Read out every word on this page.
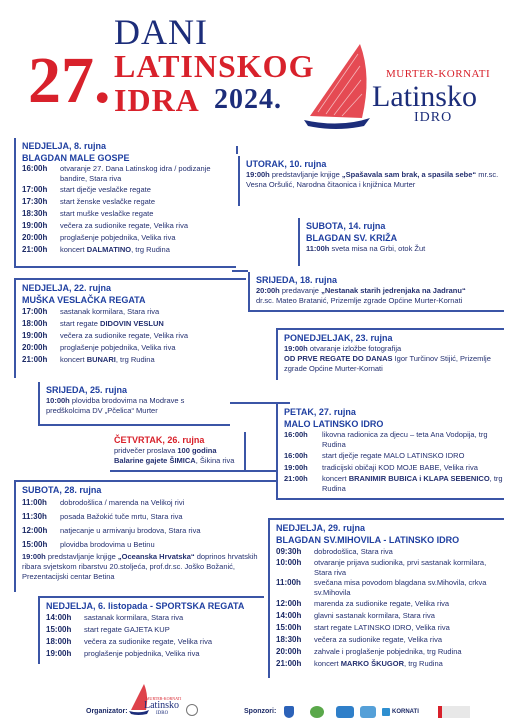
DANI
LATINSKOG
27. IDRA 2024.
MURTER-KORNATI
Latinsko
IDRO
NEDJELJA, 8. rujna
BLAGDAN MALE GOSPE
16:00h	otvaranje 27. Dana Latinskog idra / podizanje bandire, Stara riva
17:00h	start dječje veslačke regate
17:30h	start ženske veslačke regate
18:30h	start muške veslačke regate
19:00h	večera za sudionike regate, Velika riva
20:00h	proglašenje pobjednika, Velika riva
21:00h	koncert DALMATINO, trg Rudina
UTORAK, 10. rujna
19:00h predstavljanje knjige „Spašavala sam brak, a spasila sebe“ mr.sc. Vesna Oršulić, Narodna čitaonica i knjižnica Murter
SUBOTA, 14. rujna
BLAGDAN SV. KRIŽA
11:00h sveta misa na Grbi, otok Žut
SRIJEDA, 18. rujna
20:00h predavanje „Nestanak starih jedrenjaka na Jadranu“
dr.sc. Mateo Bratanić, Prizemlje zgrade Općine Murter-Kornati
NEDJELJA, 22. rujna
MUŠKA VESLAČKA REGATA
17:00h	sastanak kormilara, Stara riva
18:00h	start regate DIDOVIN VESLUN
19:00h	večera za sudionike regate, Velika riva
20:00h	proglašenje pobjednika, Velika riva
21:00h	koncert BUNARI, trg Rudina
PONEDJELJAK, 23. rujna
19:00h otvaranje izložbe fotografija
OD PRVE REGATE DO DANAS Igor Turčinov Stijić, Prizemlje zgrade Općine Murter-Kornati
SRIJEDA, 25. rujna
10:00h plovidba brodovima na Modrave s predškolcima DV „Pčelica“ Murter
ČETVRTAK, 26. rujna
pridvečer proslava 100 godina
Balarine gajete ŠIMICA, Šikina riva
PETAK, 27. rujna
MALO LATINSKO IDRO
16:00h	likovna radionica za djecu – teta Ana Vodopija, trg Rudina
16:00h	start dječje regate MALO LATINSKO IDRO
19:00h	tradicijski običaji KOD MOJE BABE, Velika riva
21:00h	koncert BRANIMIR BUBICA i KLAPA SEBENICO, trg Rudina
SUBOTA, 28. rujna
11:00h	dobrodošlica / marenda na Velikoj rivi
11:30h	posada Bažokić tuče mrtu, Stara riva
12:00h	natjecanje u armivanju brodova, Stara riva
15:00h	plovidba brodovima u Betinu
19:00h predstavljanje knjige „Oceanska Hrvatska“ doprinos hrvatskih ribara svjetskom ribarstvu 20.stoljeća, prof.dr.sc. Joško Božanić, Prezentacijski centar Betina
NEDJELJA, 29. rujna
BLAGDAN SV.MIHOVILA - LATINSKO IDRO
09:30h	dobrodošlica, Stara riva
10:00h	otvaranje prijava sudionika, prvi sastanak kormilara, Stara riva
11:00h	svečana misa povodom blagdana sv.Mihovila, crkva sv.Mihovila
12:00h	marenda za sudionike regate, Velika riva
14:00h	glavni sastanak kormilara, Stara riva
15:00h	start regate LATINSKO IDRO, Velika riva
18:30h	večera za sudionike regate, Velika riva
20:00h	zahvale i proglašenje pobjednika, trg Rudina
21:00h	koncert MARKO ŠKUGOR, trg Rudina
NEDJELJA, 6. listopada - SPORTSKA REGATA
14:00h	sastanak kormilara, Stara riva
15:00h	start regate GAJETA KUP
18:00h	večera za sudionike regate, Velika riva
19:00h	proglašenje pobjednika, Velika riva
Organizator:
MURTER-KORNATI
Latinsko
IDRO	Sponzori:	KORNATI
